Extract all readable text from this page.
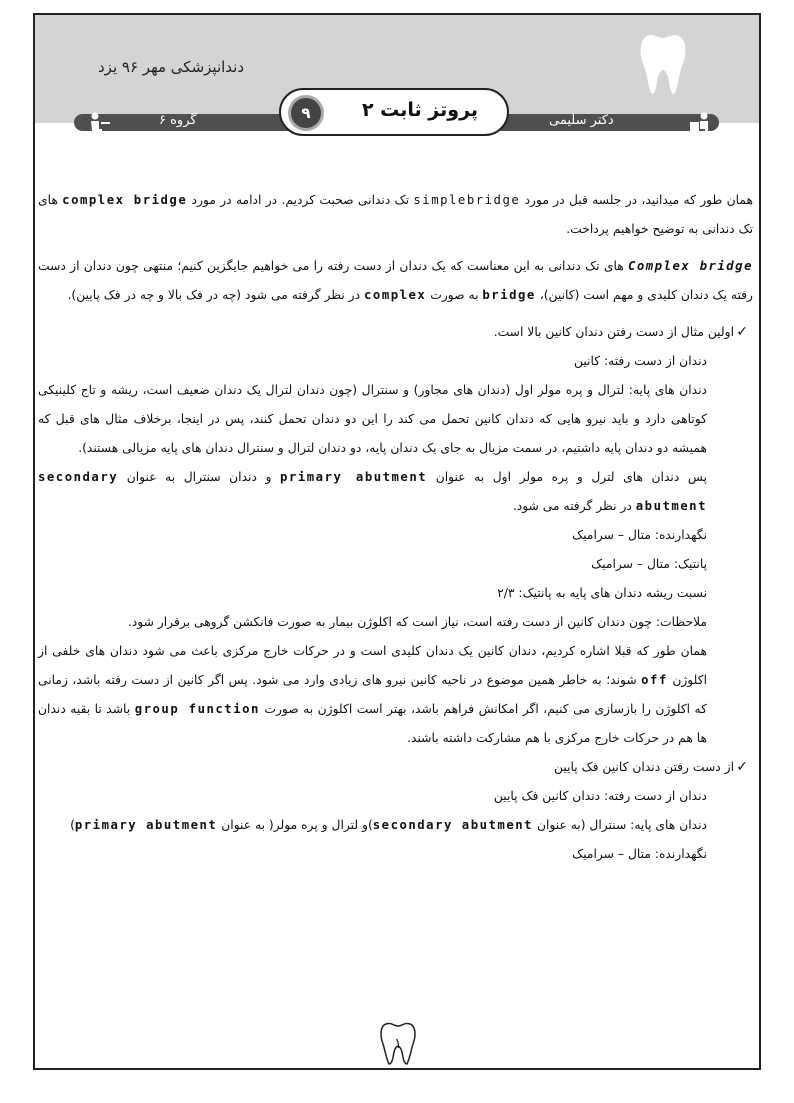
دندانپزشکی مهر ۹۶ یزد
گروه ۶	دکتر سلیمی
۹	پروتز ثابت ۲

همان طور که میدانید، در جلسه قبل در مورد simplebridge تک دندانی صحبت کردیم. در ادامه در مورد complex bridge های تک دندانی به توضیح خواهیم پرداخت.

Complex bridge های تک دندانی به این معناست که یک دندان از دست رفته را می خواهیم جایگزین کنیم؛ منتهی چون دندان از دست رفته یک دندان کلیدی و مهم است (کانین)، bridge به صورت complex در نظر گرفته می شود (چه در فک بالا و چه در فک پایین).

✓
اولین مثال از دست رفتن دندان کانین بالا است.

دندان از دست رفته: کانین

دندان های پایه: لترال و پره مولر اول (دندان های مجاور) و سنترال (چون دندان لترال یک دندان ضعیف است، ریشه و تاج کلینیکی کوتاهی دارد و باید نیرو هایی که دندان کانین تحمل می کند را این دو دندان تحمل کنند، پس در اینجا، برخلاف مثال های قبل که همیشه دو دندان پایه داشتیم، در سمت مزیال به جای یک دندان پایه، دو دندان لترال و سنترال دندان های پایه مزیالی هستند).

پس دندان های لترل و پره مولر اول به عنوان primary abutment و دندان سنترال به عنوان secondary abutment در نظر گرفته می شود.

نگهدارنده: متال – سرامیک

پانتیک: متال – سرامیک

نسبت ریشه دندان های پایه به پانتیک: ۲/۳

ملاحظات: چون دندان کانین از دست رفته است، نیاز است که اکلوژن بیمار به صورت فانکشن گروهی برقرار شود.

همان طور که قبلا اشاره کردیم، دندان کانین یک دندان کلیدی است و در حرکات خارج مرکزی باعث می شود دندان های خلفی از اکلوژن off شوند؛ به خاطر همین موضوع در ناحیه کانین نیرو های زیادی وارد می شود. پس اگر کانین از دست رفته باشد، زمانی که اکلوژن را بازسازی می کنیم، اگر امکانش فراهم باشد، بهتر است اکلوژن به صورت group function باشد تا بقیه دندان ها هم در حرکات خارج مرکزی با هم مشارکت داشته باشند.

✓
از دست رفتن دندان کانین فک پایین

دندان از دست رفته: دندان کانین فک پایین

دندان های پایه: سنترال (به عنوان secondary abutment)و لترال و پره مولر( به عنوان primary abutment)

نگهدارنده: متال – سرامیک

۱
